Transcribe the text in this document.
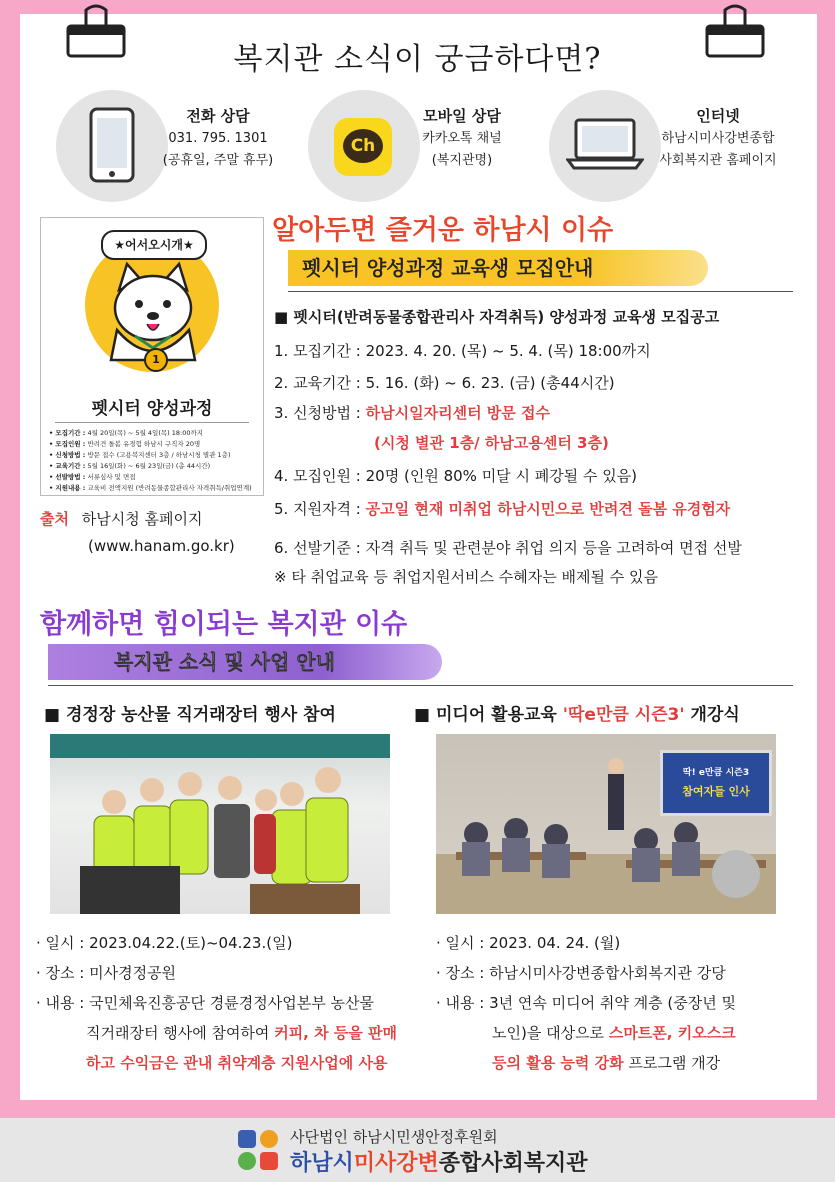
복지관 소식이 궁금하다면?
전화 상담
031. 795. 1301
(공휴일, 주말 휴무)
Ch
모바일 상담
카카오톡 채널
(복지관명)
인터넷
하남시미사강변종합
사회복지관 홈페이지
알아두면 즐거운 하남시 이슈
펫시터 양성과정 교육생 모집안내
■ 펫시터(반려동물종합관리사 자격취득) 양성과정 교육생 모집공고
1. 모집기간 : 2023. 4. 20. (목) ~ 5. 4. (목) 18:00까지
2. 교육기간 : 5. 16. (화) ~ 6. 23. (금) (총44시간)
3. 신청방법 : 하남시일자리센터 방문 접수
(시청 별관 1층/ 하남고용센터 3층)
4. 모집인원 : 20명 (인원 80% 미달 시 폐강될 수 있음)
5. 지원자격 : 공고일 현재 미취업 하남시민으로 반려견 돌봄 유경험자
6. 선발기준 : 자격 취득 및 관련분야 취업 의지 등을 고려하여 면접 선발
※ 타 취업교육 등 취업지원서비스 수혜자는 배제될 수 있음
★어서오시개★
1
펫시터 양성과정
• 모집기간 : 4월 20일(목) ~ 5월 4일(목) 18:00까지
• 모집인원 : 반려견 돌봄 유경험 하남시 구직자 20명
• 신청방법 : 방문 접수 (고용복지센터 3층 / 하남시청 별관 1층)
• 교육기간 : 5월 16일(화) ~ 6월 23일(금) (총 44시간)
• 선발방법 : 서류심사 및 면접
• 지원내용 : 교육비 전액지원 (반려동물종합관리사 자격취득/취업연계)
출처 하남시청 홈페이지
(www.hanam.go.kr)
함께하면 힘이되는 복지관 이슈
복지관 소식 및 사업 안내
■ 경정장 농산물 직거래장터 행사 참여	■ 미디어 활용교육 '딱e만큼 시즌3' 개강식
딱! e만큼 시즌3
참여자들 인사
· 일시 : 2023.04.22.(토)~04.23.(일)
· 장소 : 미사경정공원
· 내용 : 국민체육진흥공단 경륜경정사업본부 농산물
직거래장터 행사에 참여하여 커피, 차 등을 판매
하고 수익금은 관내 취약계층 지원사업에 사용
· 일시 : 2023. 04. 24. (월)
· 장소 : 하남시미사강변종합사회복지관 강당
· 내용 : 3년 연속 미디어 취약 계층 (중장년 및
노인)을 대상으로 스마트폰, 키오스크
등의 활용 능력 강화 프로그램 개강
사단법인 하남시민생안정후원회
하남시미사강변종합사회복지관
